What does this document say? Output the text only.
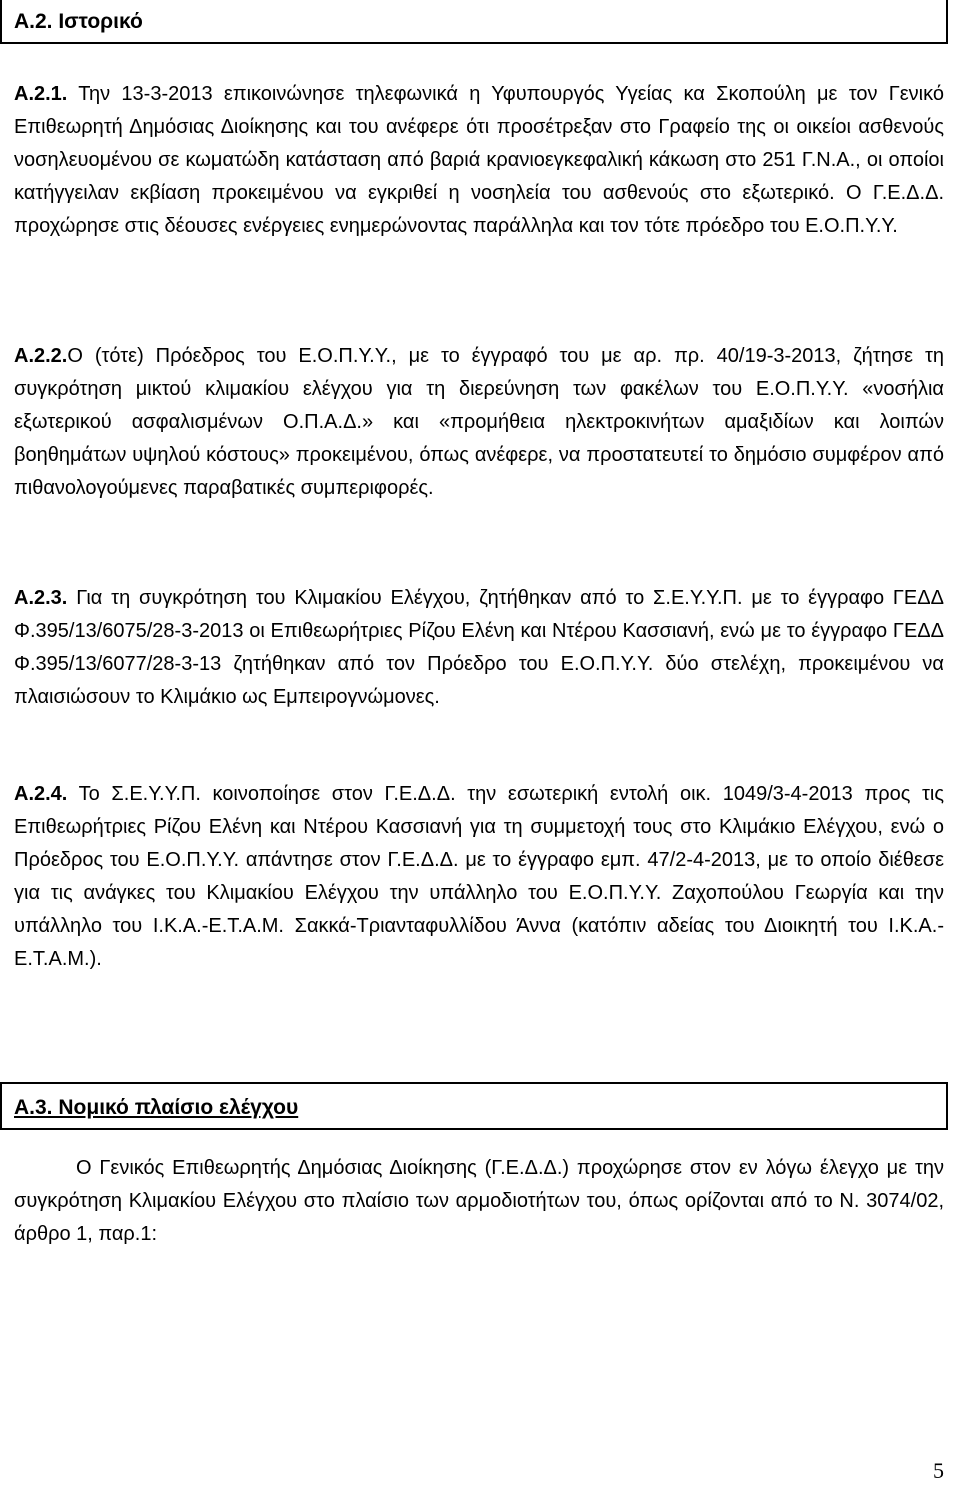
Α.2. Ιστορικό

Α.2.1. Την 13-3-2013 επικοινώνησε τηλεφωνικά η Υφυπουργός Υγείας κα Σκοπούλη με τον Γενικό Επιθεωρητή Δημόσιας Διοίκησης και του ανέφερε ότι προσέτρεξαν στο Γραφείο της οι οικείοι ασθενούς νοσηλευομένου σε κωματώδη κατάσταση από βαριά κρανιοεγκεφαλική κάκωση στο 251 Γ.Ν.Α., οι οποίοι κατήγγειλαν εκβίαση προκειμένου να εγκριθεί η νοσηλεία του ασθενούς στο εξωτερικό. Ο Γ.Ε.Δ.Δ. προχώρησε στις δέουσες ενέργειες ενημερώνοντας παράλληλα και τον τότε πρόεδρο του Ε.Ο.Π.Υ.Υ.

Α.2.2.Ο (τότε) Πρόεδρος του Ε.Ο.Π.Υ.Υ., με το έγγραφό του με αρ. πρ. 40/19-3-2013, ζήτησε τη συγκρότηση μικτού κλιμακίου ελέγχου για τη διερεύνηση των φακέλων του Ε.Ο.Π.Υ.Υ. «νοσήλια εξωτερικού ασφαλισμένων Ο.Π.Α.Δ.» και «προμήθεια ηλεκτροκινήτων αμαξιδίων και λοιπών βοηθημάτων υψηλού κόστους» προκειμένου, όπως ανέφερε, να προστατευτεί το δημόσιο συμφέρον από πιθανολογούμενες παραβατικές συμπεριφορές.

Α.2.3. Για τη συγκρότηση του Κλιμακίου Ελέγχου, ζητήθηκαν από το Σ.Ε.Υ.Υ.Π. με το έγγραφο ΓΕΔΔ Φ.395/13/6075/28-3-2013 οι Επιθεωρήτριες Ρίζου Ελένη και Ντέρου Κασσιανή, ενώ με το έγγραφο ΓΕΔΔ Φ.395/13/6077/28-3-13 ζητήθηκαν από τον Πρόεδρο του Ε.Ο.Π.Υ.Υ. δύο στελέχη, προκειμένου να πλαισιώσουν το Κλιμάκιο ως Εμπειρογνώμονες.

Α.2.4. Το Σ.Ε.Υ.Υ.Π. κοινοποίησε στον Γ.Ε.Δ.Δ. την εσωτερική εντολή οικ. 1049/3-4-2013 προς τις Επιθεωρήτριες Ρίζου Ελένη και Ντέρου Κασσιανή για τη συμμετοχή τους στο Κλιμάκιο Ελέγχου, ενώ ο Πρόεδρος του Ε.Ο.Π.Υ.Υ. απάντησε στον Γ.Ε.Δ.Δ. με το έγγραφο εμπ. 47/2-4-2013, με το οποίο διέθεσε για τις ανάγκες του Κλιμακίου Ελέγχου την υπάλληλο του Ε.Ο.Π.Υ.Υ. Ζαχοπούλου Γεωργία και την υπάλληλο του Ι.Κ.Α.-Ε.Τ.Α.Μ. Σακκά-Τριανταφυλλίδου Άννα (κατόπιν αδείας του Διοικητή του Ι.Κ.Α.-Ε.Τ.Α.Μ.).

Α.3. Νομικό πλαίσιο ελέγχου

Ο Γενικός Επιθεωρητής Δημόσιας Διοίκησης (Γ.Ε.Δ.Δ.) προχώρησε στον εν λόγω έλεγχο με την συγκρότηση Κλιμακίου Ελέγχου στο πλαίσιο των αρμοδιοτήτων του, όπως ορίζονται από το Ν. 3074/02, άρθρο 1, παρ.1:

5
